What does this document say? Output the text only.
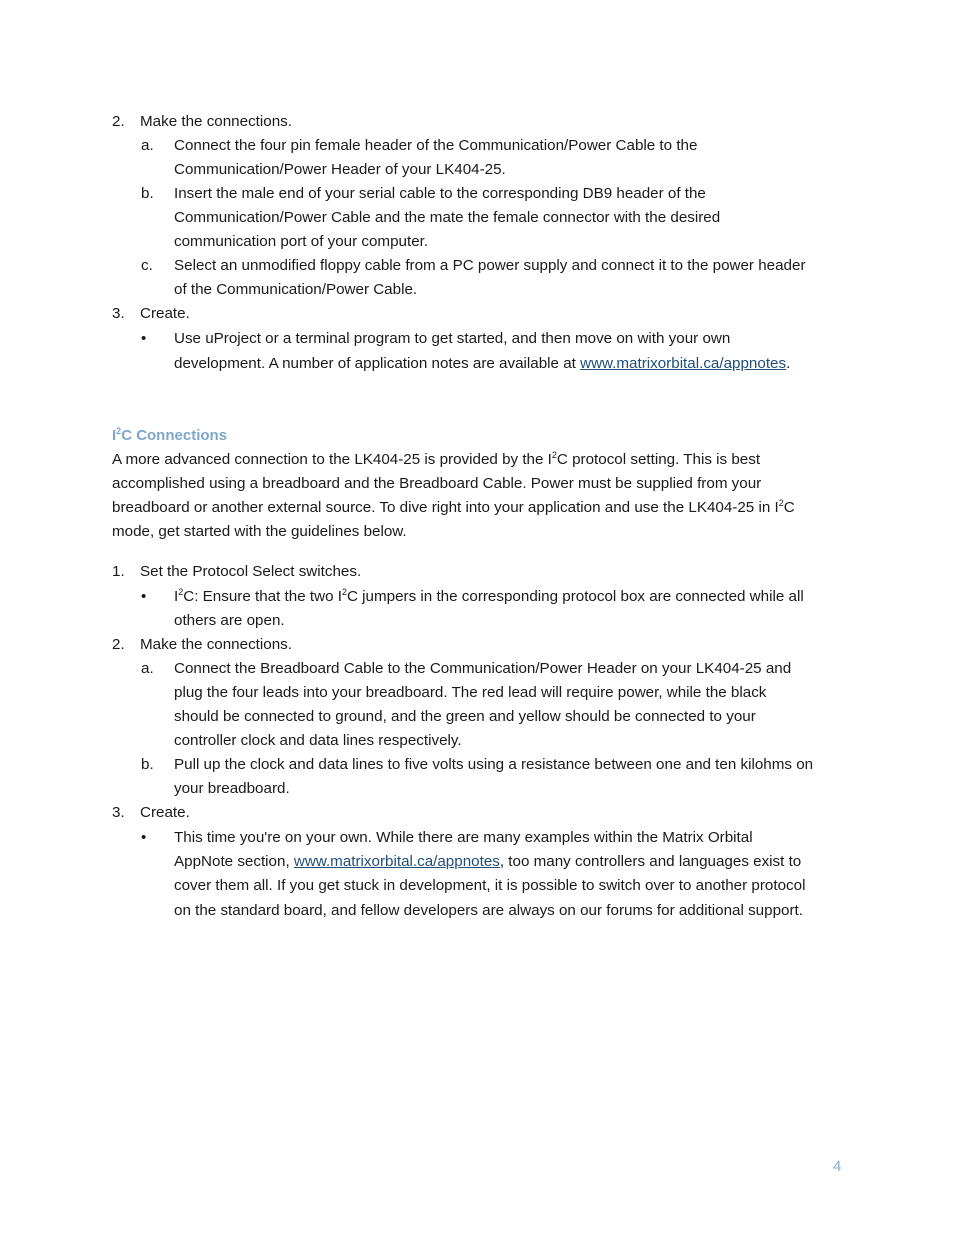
2. Make the connections.
a. Connect the four pin female header of the Communication/Power Cable to the
Communication/Power Header of your LK404-25.
b. Insert the male end of your serial cable to the corresponding DB9 header of the
Communication/Power Cable and the mate the female connector with the desired
communication port of your computer.
c. Select an unmodified floppy cable from a PC power supply and connect it to the power header
of the Communication/Power Cable.
3. Create.
• Use uProject or a terminal program to get started, and then move on with your own
development. A number of application notes are available at www.matrixorbital.ca/appnotes.
$I^2C$ Connections
A more advanced connection to the LK404-25 is provided by the $I^2C$ protocol setting. This is best
accomplished using a breadboard and the Breadboard Cable. Power must be supplied from your
breadboard or another external source. To dive right into your application and use the LK404-25 in $I^2C$
mode, get started with the guidelines below.
1. Set the Protocol Select switches.
• $I^2C$: Ensure that the two $I^2C$ jumpers in the corresponding protocol box are connected while all
others are open.
2. Make the connections.
a. Connect the Breadboard Cable to the Communication/Power Header on your LK404-25 and
plug the four leads into your breadboard. The red lead will require power, while the black
should be connected to ground, and the green and yellow should be connected to your
controller clock and data lines respectively.
b. Pull up the clock and data lines to five volts using a resistance between one and ten kilohms on
your breadboard.
3. Create.
• This time you're on your own. While there are many examples within the Matrix Orbital
AppNote section, www.matrixorbital.ca/appnotes, too many controllers and languages exist to
cover them all. If you get stuck in development, it is possible to switch over to another protocol
on the standard board, and fellow developers are always on our forums for additional support.
4
